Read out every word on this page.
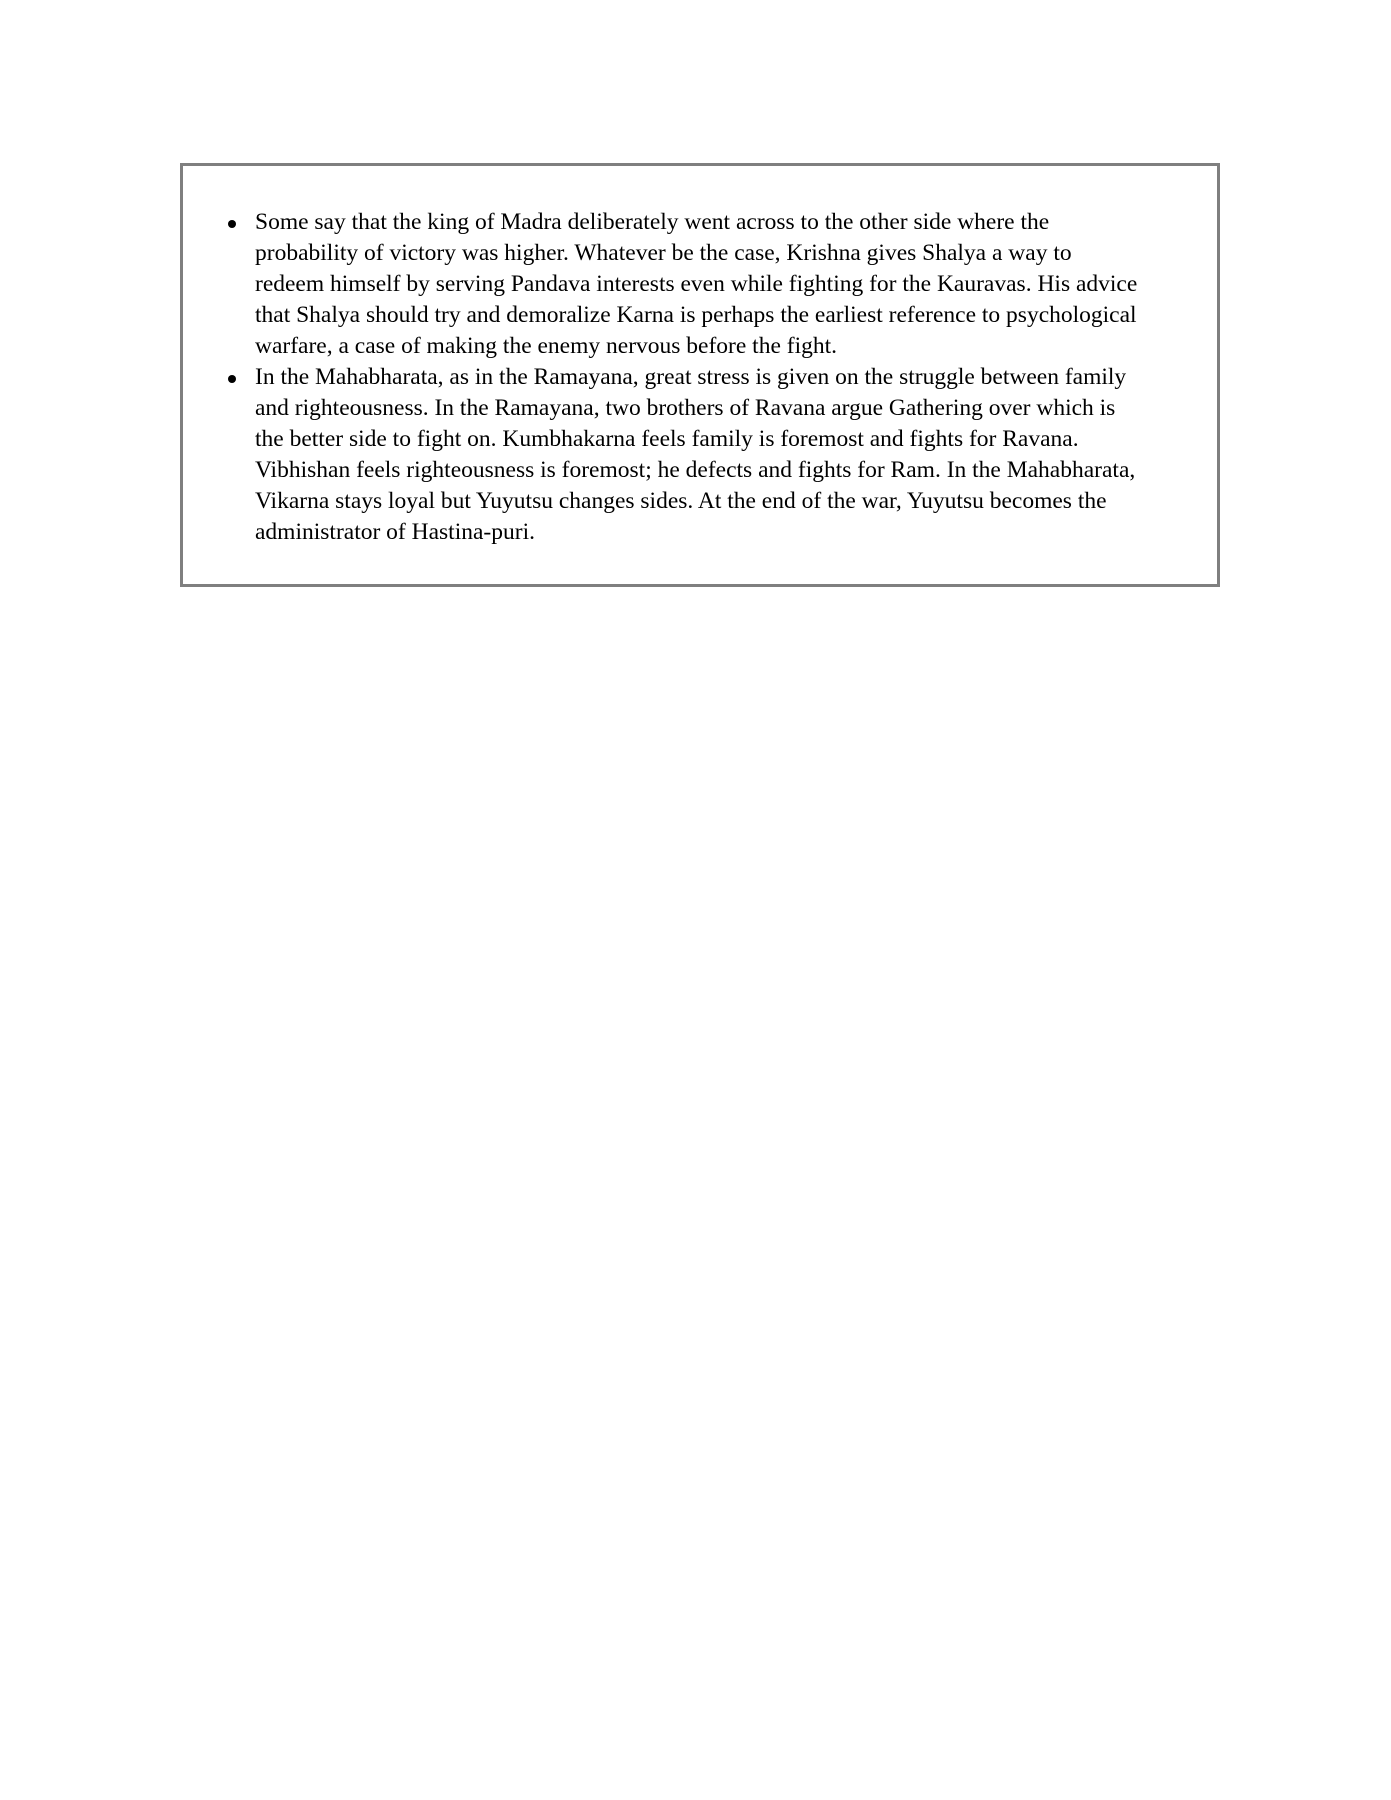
Some say that the king of Madra deliberately went across to the other side where the
probability of victory was higher. Whatever be the case, Krishna gives Shalya a way to
redeem himself by serving Pandava interests even while fighting for the Kauravas. His advice
that Shalya should try and demoralize Karna is perhaps the earliest reference to psychological
warfare, a case of making the enemy nervous before the fight.
In the Mahabharata, as in the Ramayana, great stress is given on the struggle between family
and righteousness. In the Ramayana, two brothers of Ravana argue Gathering over which is
the better side to fight on. Kumbhakarna feels family is foremost and fights for Ravana.
Vibhishan feels righteousness is foremost; he defects and fights for Ram. In the Mahabharata,
Vikarna stays loyal but Yuyutsu changes sides. At the end of the war, Yuyutsu becomes the
administrator of Hastina-puri.
